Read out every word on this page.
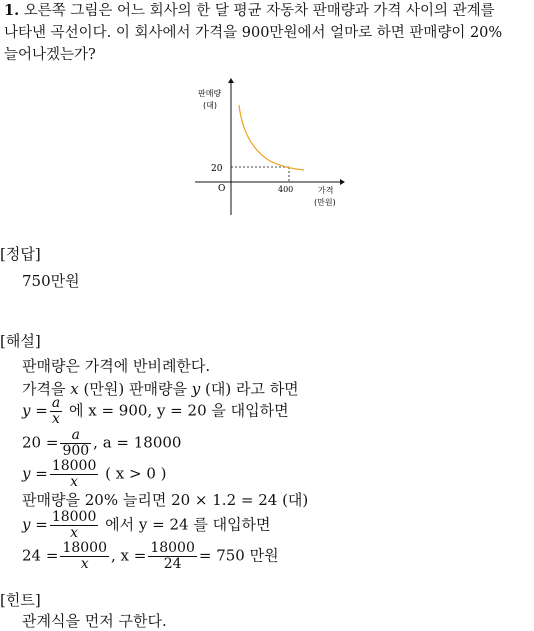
1. 오른쪽 그림은 어느 회사의 한 달 평균 자동차 판매량과 가격 사이의 관계를
나타낸 곡선이다. 이 회사에서 가격을 900만원에서 얼마로 하면 판매량이 20%
늘어나겠는가?
판매량
(대)
20
O	400	가격
(만원)
[정답]
750만원
[해설]
판매량은 가격에 반비례한다.
가격을 x (만원) 판매량을 y (대) 라고 하면
$y = \frac{a}{x}$ 에 x = 900, y = 20 을 대입하면
$20 = \frac{a}{900}$ , a = 18000
$y = \frac{18000}{x}$ ( x > 0 )
판매량을 20% 늘리면 20 × 1.2 = 24 (대)
$y = \frac{18000}{x}$ 에서 y = 24 를 대입하면
$24 = \frac{18000}{x}$ , $x = \frac{18000}{24} = 750$ 만원
[힌트]
관계식을 먼저 구한다.
